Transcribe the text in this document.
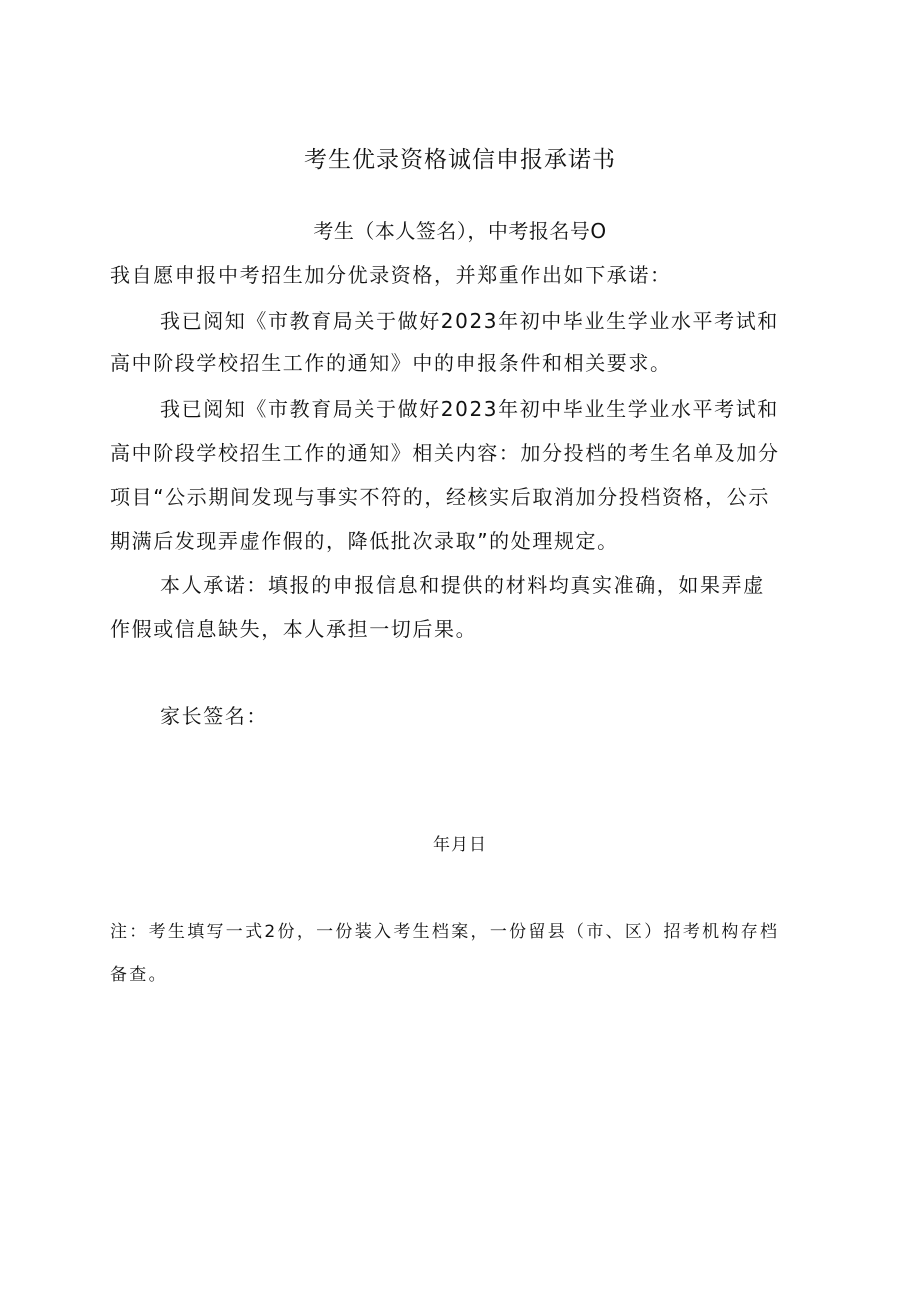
考生优录资格诚信申报承诺书
考生（本人签名），中考报名号O
我自愿申报中考招生加分优录资格，并郑重作出如下承诺：
我已阅知《市教育局关于做好2023年初中毕业生学业水平考试和
高中阶段学校招生工作的通知》中的申报条件和相关要求。
我已阅知《市教育局关于做好2023年初中毕业生学业水平考试和
高中阶段学校招生工作的通知》相关内容：加分投档的考生名单及加分
项目“公示期间发现与事实不符的，经核实后取消加分投档资格，公示
期满后发现弄虚作假的，降低批次录取”的处理规定。
本人承诺：填报的申报信息和提供的材料均真实准确，如果弄虚
作假或信息缺失，本人承担一切后果。
家长签名：
年月日
注：考生填写一式2份，一份装入考生档案，一份留县（市、区）招考机构存档
备查。
